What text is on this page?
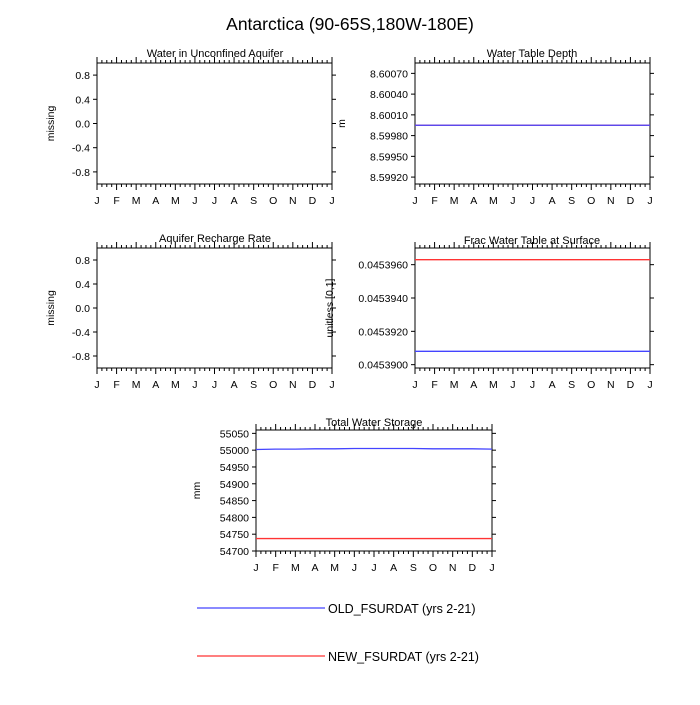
Antarctica (90-65S,180W-180E)
Water in Unconfined Aquifer
missing
-0.8
-0.4
0.0
0.4
0.8
J F M A M J J A S O N D J
Water Table Depth
m
8.59920
8.59950
8.59980
8.60010
8.60040
8.60070
J F M A M J J A S O N D J
Aquifer Recharge Rate
missing
-0.8
-0.4
0.0
0.4
0.8
J F M A M J J A S O N D J
Frac Water Table at Surface
unitless [0,1]
0.0453900
0.0453920
0.0453940
0.0453960
J F M A M J J A S O N D J
Total Water Storage
mm
54700
54750
54800
54850
54900
54950
55000
55050
J F M A M J J A S O N D J
OLD_FSURDAT (yrs 2-21)
NEW_FSURDAT (yrs 2-21)
